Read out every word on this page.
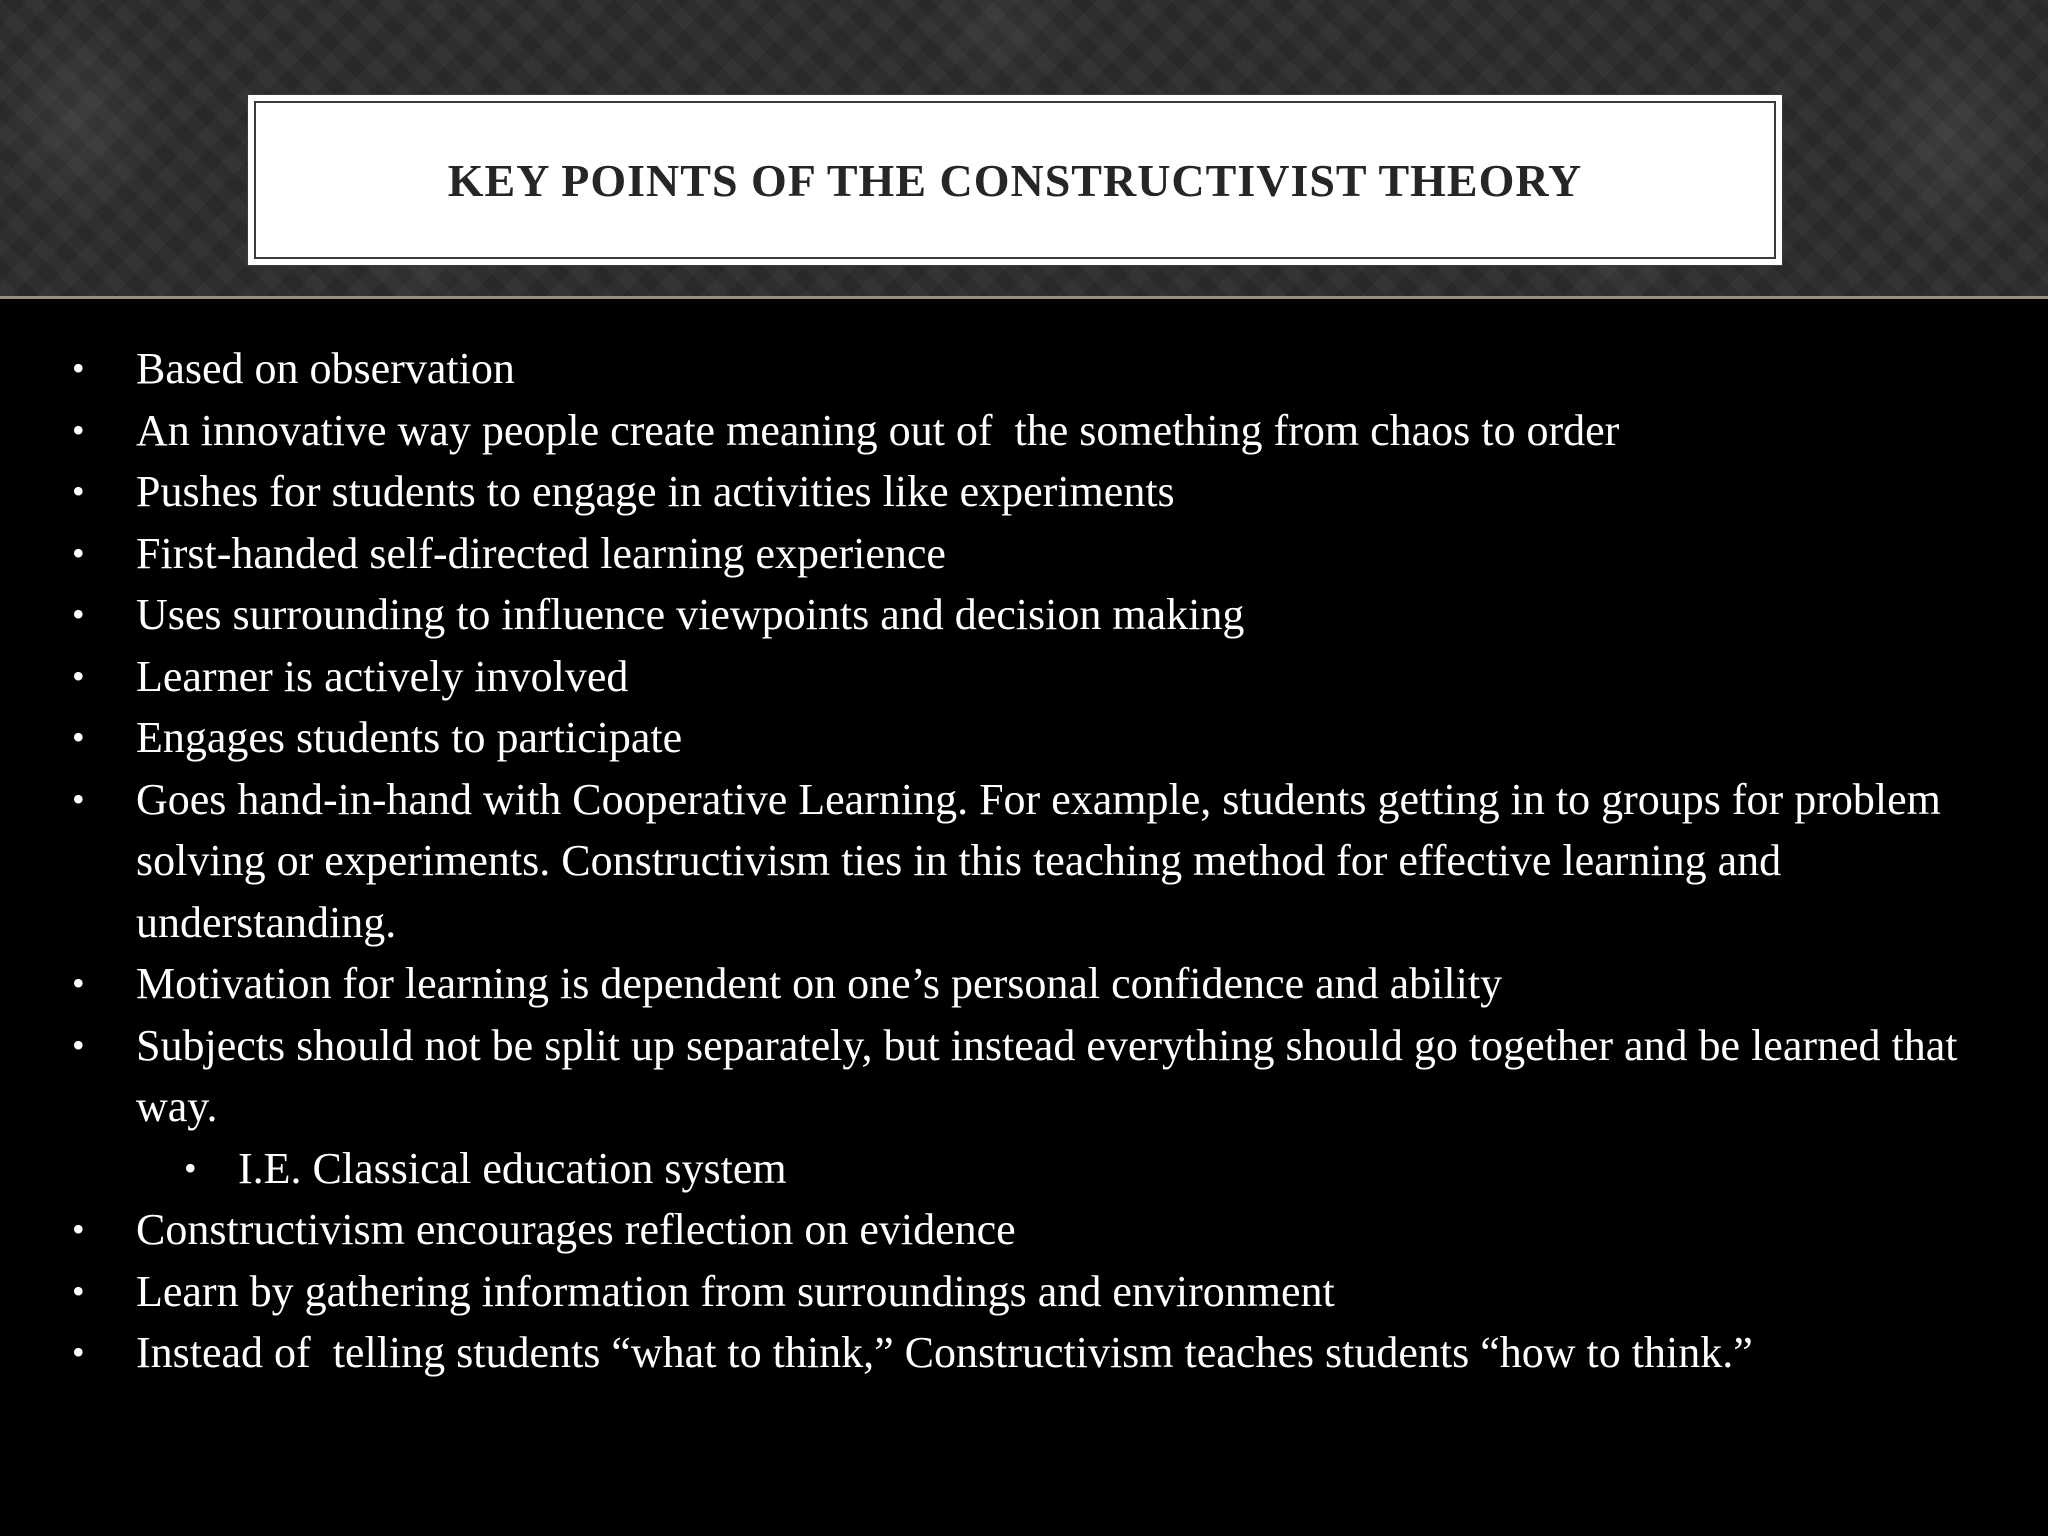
KEY POINTS OF THE CONSTRUCTIVIST THEORY
• Based on observation
• An innovative way people create meaning out of  the something from chaos to order
• Pushes for students to engage in activities like experiments
• First-handed self-directed learning experience
• Uses surrounding to influence viewpoints and decision making
• Learner is actively involved
• Engages students to participate
• Goes hand-in-hand with Cooperative Learning. For example, students getting in to groups for problem solving or experiments. Constructivism ties in this teaching method for effective learning and understanding.
• Motivation for learning is dependent on one’s personal confidence and ability
• Subjects should not be split up separately, but instead everything should go together and be learned that way.
• I.E. Classical education system
• Constructivism encourages reflection on evidence
• Learn by gathering information from surroundings and environment
• Instead of  telling students “what to think,” Constructivism teaches students “how to think.”
